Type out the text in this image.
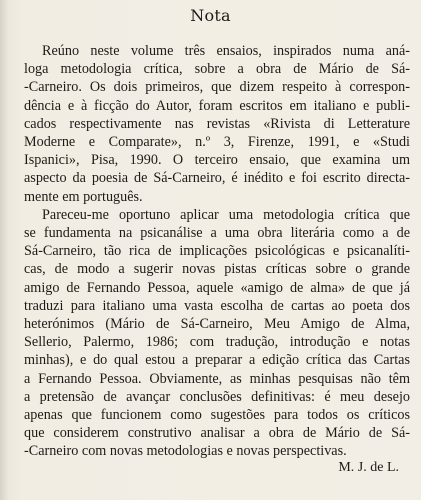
Nota
Reúno neste volume três ensaios, inspirados numa aná-
loga metodologia crítica, sobre a obra de Mário de Sá-
-Carneiro. Os dois primeiros, que dizem respeito à correspon-
dência e à ficção do Autor, foram escritos em italiano e publi-
cados respectivamente nas revistas «Rivista di Letterature
Moderne e Comparate», n.º 3, Firenze, 1991, e «Studi
Ispanici», Pisa, 1990. O terceiro ensaio, que examina um
aspecto da poesia de Sá-Carneiro, é inédito e foi escrito directa-
mente em português.
Pareceu-me oportuno aplicar uma metodologia crítica que
se fundamenta na psicanálise a uma obra literária como a de
Sá-Carneiro, tão rica de implicações psicológicas e psicanalíti-
cas, de modo a sugerir novas pistas críticas sobre o grande
amigo de Fernando Pessoa, aquele «amigo de alma» de que já
traduzi para italiano uma vasta escolha de cartas ao poeta dos
heterónimos (Mário de Sá-Carneiro, Meu Amigo de Alma,
Sellerio, Palermo, 1986; com tradução, introdução e notas
minhas), e do qual estou a preparar a edição crítica das Cartas
a Fernando Pessoa. Obviamente, as minhas pesquisas não têm
a pretensão de avançar conclusões definitivas: é meu desejo
apenas que funcionem como sugestões para todos os críticos
que considerem construtivo analisar a obra de Mário de Sá-
-Carneiro com novas metodologias e novas perspectivas.
M. J. de L.
